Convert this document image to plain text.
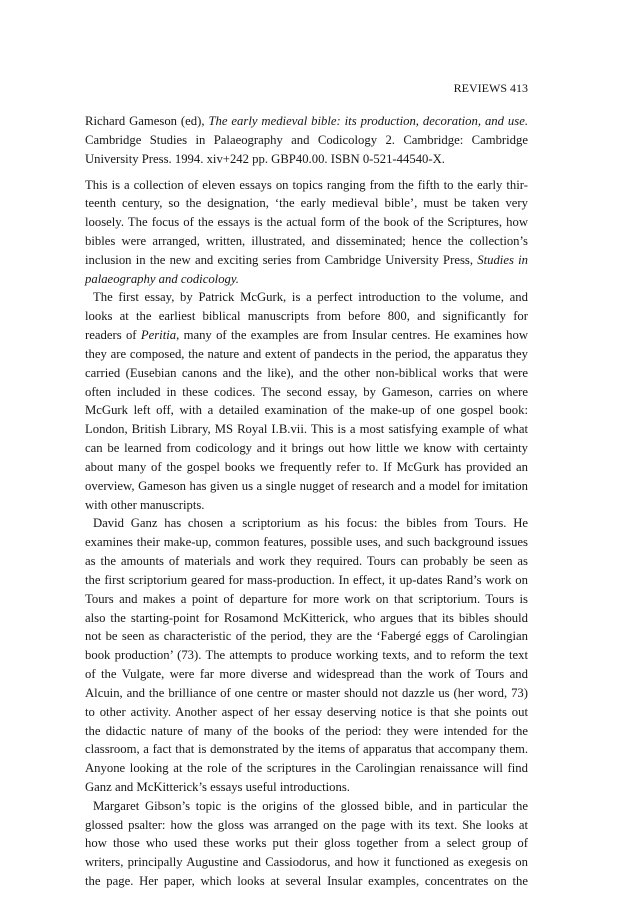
REVIEWS 413
Richard Gameson (ed), The early medieval bible: its production, decoration, and use.
Cambridge Studies in Palaeography and Codicology 2. Cambridge: Cambridge
University Press. 1994. xiv+242 pp. GBP40.00. ISBN 0-521-44540-X.
This is a collection of eleven essays on topics ranging from the fifth to the early thir-
teenth century, so the designation, ‘the early medieval bible’, must be taken very
loosely. The focus of the essays is the actual form of the book of the Scriptures, how
bibles were arranged, written, illustrated, and disseminated; hence the collection’s
inclusion in the new and exciting series from Cambridge University Press, Studies in
palaeography and codicology.
The first essay, by Patrick McGurk, is a perfect introduction to the volume, and
looks at the earliest biblical manuscripts from before 800, and significantly for
readers of Peritia, many of the examples are from Insular centres. He examines how
they are composed, the nature and extent of pandects in the period, the apparatus they
carried (Eusebian canons and the like), and the other non-biblical works that were
often included in these codices. The second essay, by Gameson, carries on where
McGurk left off, with a detailed examination of the make-up of one gospel book:
London, British Library, MS Royal I.B.vii. This is a most satisfying example of what
can be learned from codicology and it brings out how little we know with certainty
about many of the gospel books we frequently refer to. If McGurk has provided an
overview, Gameson has given us a single nugget of research and a model for imitation
with other manuscripts.
David Ganz has chosen a scriptorium as his focus: the bibles from Tours. He
examines their make-up, common features, possible uses, and such background issues
as the amounts of materials and work they required. Tours can probably be seen as
the first scriptorium geared for mass-production. In effect, it up-dates Rand’s work on
Tours and makes a point of departure for more work on that scriptorium. Tours is
also the starting-point for Rosamond McKitterick, who argues that its bibles should
not be seen as characteristic of the period, they are the ‘Fabergé eggs of Carolingian
book production’ (73). The attempts to produce working texts, and to reform the text
of the Vulgate, were far more diverse and widespread than the work of Tours and
Alcuin, and the brilliance of one centre or master should not dazzle us (her word, 73)
to other activity. Another aspect of her essay deserving notice is that she points out
the didactic nature of many of the books of the period: they were intended for the
classroom, a fact that is demonstrated by the items of apparatus that accompany them.
Anyone looking at the role of the scriptures in the Carolingian renaissance will find
Ganz and McKitterick’s essays useful introductions.
Margaret Gibson’s topic is the origins of the glossed bible, and in particular the
glossed psalter: how the gloss was arranged on the page with its text. She looks at
how those who used these works put their gloss together from a select group of
writers, principally Augustine and Cassiodorus, and how it functioned as exegesis on
the page. Her paper, which looks at several Insular examples, concentrates on the
